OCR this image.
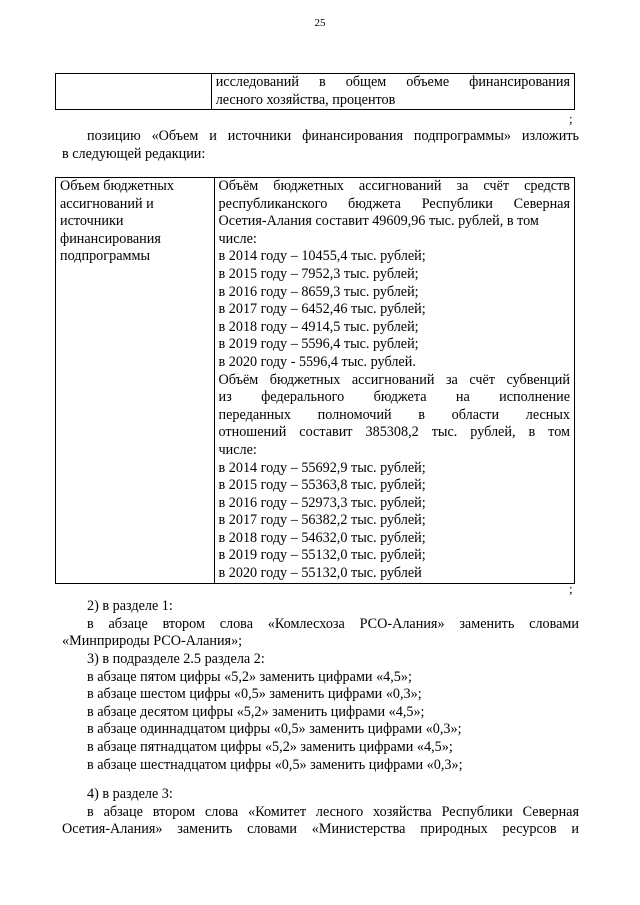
25

исследований в общем объеме финансирования
лесного хозяйства, процентов
;
позицию «Объем и источники финансирования подпрограммы» изложить
в следующей редакции:
Объем бюджетных
ассигнований и
источники
финансирования
подпрограммы

Объём бюджетных ассигнований за счёт средств
республиканского бюджета Республики Северная
Осетия-Алания составит 49609,96 тыс. рублей, в том
числе:
в 2014 году – 10455,4 тыс. рублей;
в 2015 году – 7952,3 тыс. рублей;
в 2016 году – 8659,3 тыс. рублей;
в 2017 году – 6452,46 тыс. рублей;
в 2018 году – 4914,5 тыс. рублей;
в 2019 году – 5596,4 тыс. рублей;
в 2020 году - 5596,4 тыс. рублей.
Объём бюджетных ассигнований за счёт субвенций
из федерального бюджета на исполнение
переданных полномочий в области лесных
отношений составит 385308,2 тыс. рублей, в том
числе:
в 2014 году – 55692,9 тыс. рублей;
в 2015 году – 55363,8 тыс. рублей;
в 2016 году – 52973,3 тыс. рублей;
в 2017 году – 56382,2 тыс. рублей;
в 2018 году – 54632,0 тыс. рублей;
в 2019 году – 55132,0 тыс. рублей;
в 2020 году – 55132,0 тыс. рублей
;
2) в разделе 1:
в абзаце втором слова «Комлесхоза РСО-Алания» заменить словами
«Минприроды РСО-Алания»;
3) в подразделе 2.5 раздела 2:
в абзаце пятом цифры «5,2» заменить цифрами «4,5»;
в абзаце шестом цифры «0,5» заменить цифрами «0,3»;
в абзаце десятом цифры «5,2» заменить цифрами «4,5»;
в абзаце одиннадцатом цифры «0,5» заменить цифрами «0,3»;
в абзаце пятнадцатом цифры «5,2» заменить цифрами «4,5»;
в абзаце шестнадцатом цифры «0,5» заменить цифрами «0,3»;
4) в разделе 3:
в абзаце втором слова «Комитет лесного хозяйства Республики Северная
Осетия-Алания» заменить словами «Министерства природных ресурсов и
